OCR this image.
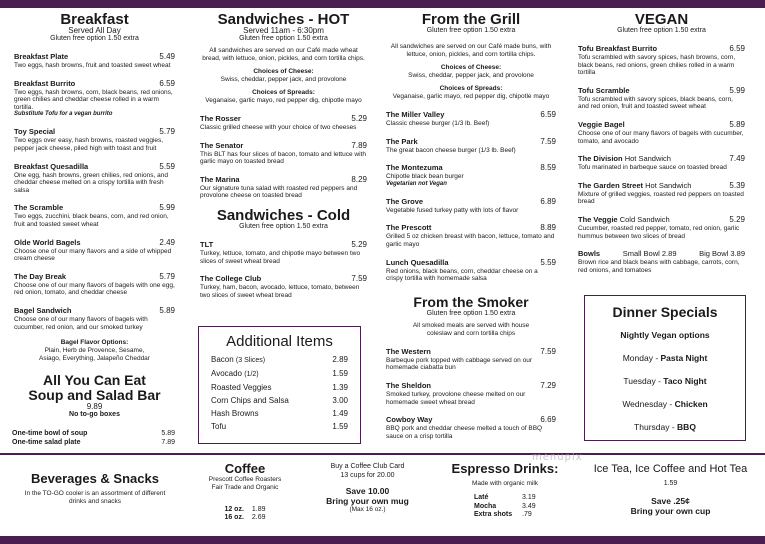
Breakfast
Served All Day
Gluten free option 1.50 extra
Breakfast Plate	5.49
Two eggs, hash browns, fruit and toasted sweet wheat
Breakfast Burrito	6.59
Two eggs, hash browns, corn, black beans, red onions, green chilies and cheddar cheese rolled in a warm tortilla.
Substitute Tofu for a vegan burrito
Toy Special	5.79
Two eggs over easy, hash browns, roasted veggies, pepper jack cheese, piled high with toast and fruit
Breakfast Quesadilla	5.59
One egg, hash browns, green chilies, red onions, and cheddar cheese melted on a crispy tortilla with fresh salsa
The Scramble	5.99
Two eggs, zucchini, black beans, corn, and red onion, fruit and toasted sweet wheat
Olde World Bagels	2.49
Choose one of our many flavors and a side of whipped cream cheese
The Day Break	5.79
Choose one of our many flavors of bagels with one egg, red onion, tomato, and cheddar cheese
Bagel Sandwich	5.89
Choose one of our many flavors of bagels with cucumber, red onion, and our smoked turkey
Bagel Flavor Options:
Plain, Herb de Provence, Sesame, Asiago, Everything, Jalapeño Cheddar
All You Can Eat
Soup and Salad Bar
9.89
No to-go boxes
One-time bowl of soup	5.89
One-time salad plate	7.89
Sandwiches - HOT
Served 11am - 6:30pm
Gluten free option 1.50 extra
All sandwiches are served on our Café made wheat bread, with lettuce, onion, pickles, and corn tortilla chips.
Choices of Cheese:
Swiss, cheddar, pepper jack, and provolone
Choices of Spreads:
Veganaise, garlic mayo, red pepper dig, chipotle mayo
The Rosser	5.29
Classic grilled cheese with your choice of two cheeses
The Senator	7.89
This BLT has four slices of bacon, tomato and lettuce with garlic mayo on toasted bread
The Marina	8.29
Our signature tuna salad with roasted red peppers and provolone cheese on toasted bread
Sandwiches - Cold
Gluten free option 1.50 extra
TLT	5.29
Turkey, lettuce, tomato, and chipotle mayo between two slices of sweet wheat bread
The College Club	7.59
Turkey, ham, bacon, avocado, lettuce, tomato, between two slices of sweet wheat bread
Additional Items
Bacon (3 Slices)	2.89
Avocado (1/2)	1.59
Roasted Veggies	1.39
Corn Chips and Salsa	3.00
Hash Browns	1.49
Tofu	1.59
From the Grill
Gluten free option 1.50 extra
All sandwiches are served on our Café made buns, with lettuce, onion, pickles, and corn tortilla chips.
Choices of Cheese:
Swiss, cheddar, pepper jack, and provolone
Choices of Spreads:
Veganaise, garlic mayo, red pepper dig, chipotle mayo
The Miller Valley	6.59
Classic cheese burger (1/3 lb. Beef)
The Park	7.59
The great bacon cheese burger (1/3 lb. Beef)
The Montezuma	8.59
Chipotle black bean burger
Vegetarian not Vegan
The Grove	6.89
Vegetable fused turkey patty with lots of flavor
The Prescott	8.89
Grilled 5 oz chicken breast with bacon, lettuce, tomato and garlic mayo
Lunch Quesadilla	5.59
Red onions, black beans, corn, cheddar cheese on a crispy tortilla with homemade salsa
From the Smoker
Gluten free option 1.50 extra
All smoked meals are served with house coleslaw and corn tortilla chips
The Western	7.59
Barbeque pork topped with cabbage served on our homemade ciabatta bun
The Sheldon	7.29
Smoked turkey, provolone cheese melted on our homemade sweet wheat bread
Cowboy Way	6.69
BBQ pork and cheddar cheese melted a touch of BBQ sauce on a crisp tortilla
VEGAN
Gluten free option 1.50 extra
Tofu Breakfast Burrito	6.59
Tofu scrambled with savory spices, hash browns, corn, black beans, red onions, green chilies rolled in a warm tortilla
Tofu Scramble	5.99
Tofu scrambled with savory spices, black beans, corn, and red onion, fruit and toasted sweet wheat
Veggie Bagel	5.89
Choose one of our many flavors of bagels with cucumber, tomato, and avocado
The Division Hot Sandwich	7.49
Tofu marinated in barbeque sauce on toasted bread
The Garden Street Hot Sandwich	5.39
Mixture of grilled veggies, roasted red peppers on toasted bread
The Veggie Cold Sandwich	5.29
Cucumber, roasted red pepper, tomato, red onion, garlic hummus between two slices of bread
Bowls	Small Bowl 2.89	Big Bowl 3.89
Brown rice and black beans with cabbage, carrots, corn, red onions, and tomatoes
Dinner Specials
Nightly Vegan options
Monday - Pasta Night
Tuesday - Taco Night
Wednesday - Chicken
Thursday - BBQ
menupix
Beverages & Snacks
In the TO-GO cooler is an assortment of different drinks and snacks
Coffee
Prescott Coffee Roasters
Fair Trade and Organic
12 oz. 1.89
16 oz. 2.69
Buy a Coffee Club Card
13 cups for 20.00
Save 10.00
Bring your own mug
(Max 16 oz.)
Espresso Drinks:
Made with organic milk
Laté	3.19
Mocha	3.49
Extra shots .79
Ice Tea, Ice Coffee and Hot Tea
1.59
Save .25¢
Bring your own cup
